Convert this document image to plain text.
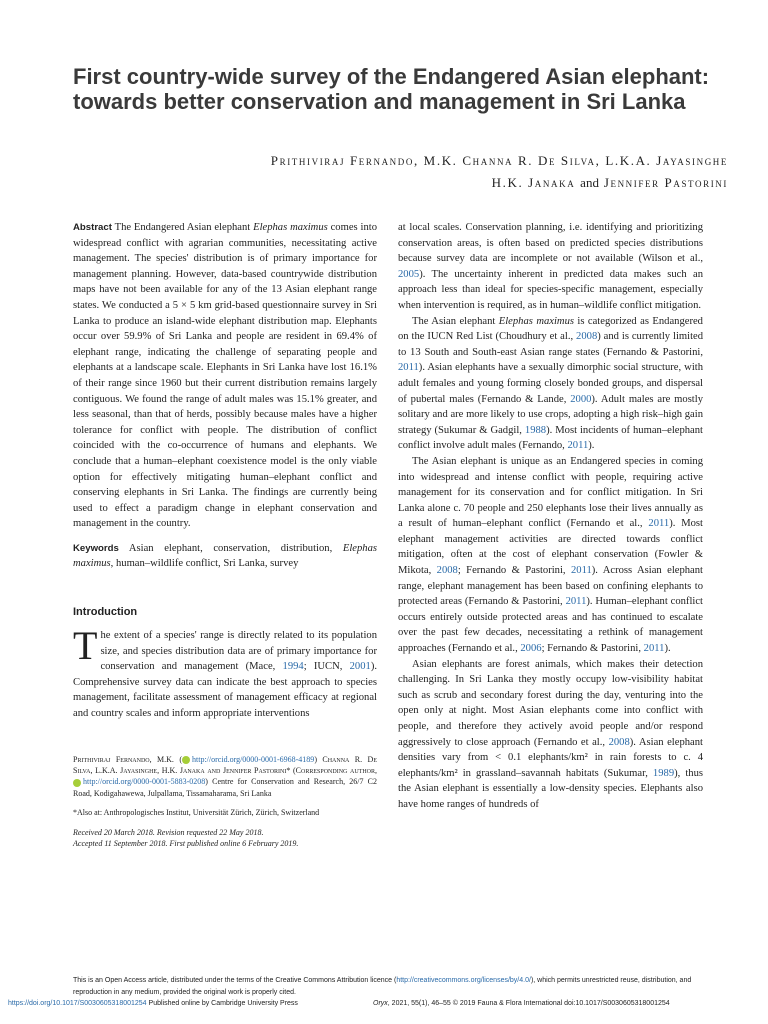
First country-wide survey of the Endangered Asian elephant: towards better conservation and management in Sri Lanka
Prithiviraj Fernando, M.K. Channa R. De Silva, L.K.A. Jayasinghe
H.K. Janaka and Jennifer Pastorini

Abstract The Endangered Asian elephant Elephas maximus comes into widespread conflict with agrarian communities, necessitating active management. The species' distribution is of primary importance for management planning. However, data-based countrywide distribution maps have not been available for any of the 13 Asian elephant range states. We conducted a 5 × 5 km grid-based questionnaire survey in Sri Lanka to produce an island-wide elephant distribution map. Elephants occur over 59.9% of Sri Lanka and people are resident in 69.4% of elephant range, indicating the challenge of separating people and elephants at a landscape scale. Elephants in Sri Lanka have lost 16.1% of their range since 1960 but their current distribution remains largely contiguous. We found the range of adult males was 15.1% greater, and less seasonal, than that of herds, possibly because males have a higher tolerance for conflict with people. The distribution of conflict coincided with the co-occurrence of humans and elephants. We conclude that a human–elephant coexistence model is the only viable option for effectively mitigating human–elephant conflict and conserving elephants in Sri Lanka. The findings are currently being used to effect a paradigm change in elephant conservation and management in the country.

Keywords Asian elephant, conservation, distribution, Elephas maximus, human–wildlife conflict, Sri Lanka, survey

Introduction

The extent of a species' range is directly related to its population size, and species distribution data are of primary importance for conservation and management (Mace, 1994; IUCN, 2001). Comprehensive survey data can indicate the best approach to species management, facilitate assessment of management efficacy at regional and country scales and inform appropriate interventions

Prithiviraj Fernando, M.K. ( http://orcid.org/0000-0001-6968-4189) Channa R. De Silva, L.K.A. Jayasinghe, H.K. Janaka and Jennifer Pastorini* (Corresponding author, http://orcid.org/0000-0001-5883-0208) Centre for Conservation and Research, 26/7 C2 Road, Kodigahawewa, Julpallama, Tissamaharama, Sri Lanka

*Also at: Anthropologisches Institut, Universität Zürich, Zürich, Switzerland

Received 20 March 2018. Revision requested 22 May 2018.
Accepted 11 September 2018. First published online 6 February 2019.

at local scales. Conservation planning, i.e. identifying and prioritizing conservation areas, is often based on predicted species distributions because survey data are incomplete or not available (Wilson et al., 2005). The uncertainty inherent in predicted data makes such an approach less than ideal for species-specific management, especially when intervention is required, as in human–wildlife conflict mitigation.

The Asian elephant Elephas maximus is categorized as Endangered on the IUCN Red List (Choudhury et al., 2008) and is currently limited to 13 South and South-east Asian range states (Fernando & Pastorini, 2011). Asian elephants have a sexually dimorphic social structure, with adult females and young forming closely bonded groups, and dispersal of pubertal males (Fernando & Lande, 2000). Adult males are mostly solitary and are more likely to use crops, adopting a high risk–high gain strategy (Sukumar & Gadgil, 1988). Most incidents of human–elephant conflict involve adult males (Fernando, 2011).

The Asian elephant is unique as an Endangered species in coming into widespread and intense conflict with people, requiring active management for its conservation and for conflict mitigation. In Sri Lanka alone c. 70 people and 250 elephants lose their lives annually as a result of human–elephant conflict (Fernando et al., 2011). Most elephant management activities are directed towards conflict mitigation, often at the cost of elephant conservation (Fowler & Mikota, 2008; Fernando & Pastorini, 2011). Across Asian elephant range, elephant management has been based on confining elephants to protected areas (Fernando & Pastorini, 2011). Human–elephant conflict occurs entirely outside protected areas and has continued to escalate over the past few decades, necessitating a rethink of management approaches (Fernando et al., 2006; Fernando & Pastorini, 2011).

Asian elephants are forest animals, which makes their detection challenging. In Sri Lanka they mostly occupy low-visibility habitat such as scrub and secondary forest during the day, venturing into the open only at night. Most Asian elephants come into conflict with people, and therefore they actively avoid people and/or respond aggressively to close approach (Fernando et al., 2008). Asian elephant densities vary from < 0.1 elephants/km² in rain forests to c. 4 elephants/km² in grassland–savannah habitats (Sukumar, 1989), thus the Asian elephant is essentially a low-density species. Elephants also have home ranges of hundreds of

This is an Open Access article, distributed under the terms of the Creative Commons Attribution licence (http://creativecommons.org/licenses/by/4.0/), which permits unrestricted reuse, distribution, and reproduction in any medium, provided the original work is properly cited.
https://doi.org/10.1017/S0030605318001254 Published online by Cambridge University Press	Oryx, 2021, 55(1), 46–55 © 2019 Fauna & Flora International doi:10.1017/S0030605318001254
